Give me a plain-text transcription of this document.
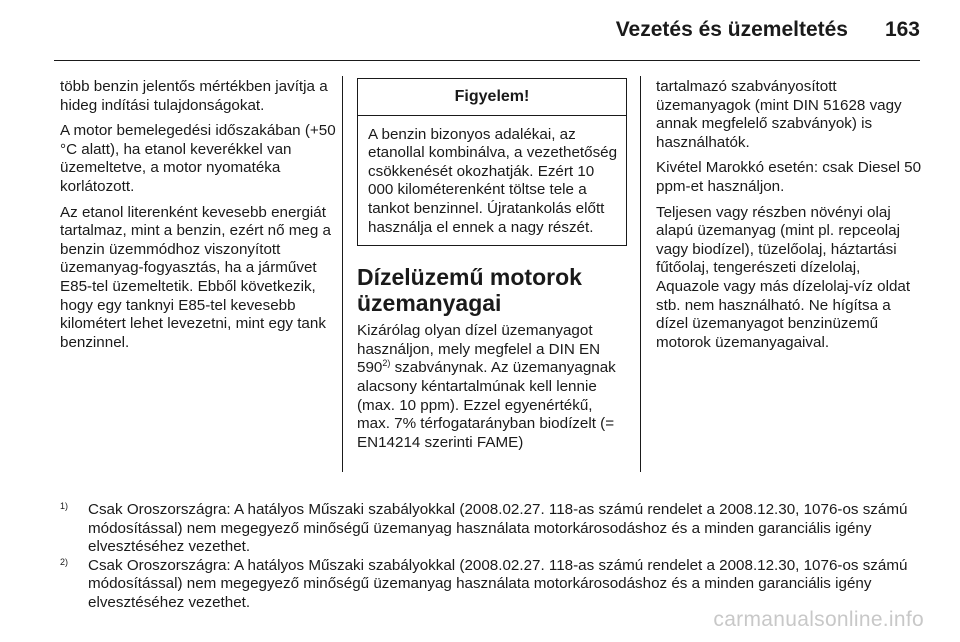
Vezetés és üzemeltetés 163

több benzin jelentős mértékben javítja a hideg indítási tulajdonságokat.

A motor bemelegedési időszakában (+50 °C alatt), ha etanol keverékkel van üzemeltetve, a motor nyomatéka korlátozott.

Az etanol literenként kevesebb energiát tartalmaz, mint a benzin, ezért nő meg a benzin üzemmódhoz viszonyított üzemanyag-fogyasztás, ha a járművet E85-tel üzemeltetik. Ebből következik, hogy egy tanknyi E85-tel kevesebb kilométert lehet levezetni, mint egy tank benzinnel.

Figyelem!
A benzin bizonyos adalékai, az etanollal kombinálva, a vezethetőség csökkenését okozhatják. Ezért 10 000 kilométerenként töltse tele a tankot benzinnel. Újratankolás előtt használja el ennek a nagy részét.
Dízelüzemű motorok üzemanyagai

Kizárólag olyan dízel üzemanyagot használjon, mely megfelel a DIN EN 590$^{2)}$ szabványnak. Az üzemanyagnak alacsony kéntartalmúnak kell lennie (max. 10 ppm). Ezzel egyenértékű, max. 7% térfogatarányban biodízelt (= EN14214 szerinti FAME)

tartalmazó szabványosított üzemanyagok (mint DIN 51628 vagy annak megfelelő szabványok) is használhatók.

Kivétel Marokkó esetén: csak Diesel 50 ppm-et használjon.

Teljesen vagy részben növényi olaj alapú üzemanyag (mint pl. repceolaj vagy biodízel), tüzelőolaj, háztartási fűtőolaj, tengerészeti dízelolaj, Aquazole vagy más dízelolaj-víz oldat stb. nem használható. Ne hígítsa a dízel üzemanyagot benzinüzemű motorok üzemanyagaival.

1) Csak Oroszországra: A hatályos Műszaki szabályokkal (2008.02.27. 118-as számú rendelet a 2008.12.30, 1076-os számú módosítással) nem megegyező minőségű üzemanyag használata motorkárosodáshoz és a minden garanciális igény elvesztéséhez vezethet.
2) Csak Oroszországra: A hatályos Műszaki szabályokkal (2008.02.27. 118-as számú rendelet a 2008.12.30, 1076-os számú módosítással) nem megegyező minőségű üzemanyag használata motorkárosodáshoz és a minden garanciális igény elvesztéséhez vezethet.
carmanualsonline.info
